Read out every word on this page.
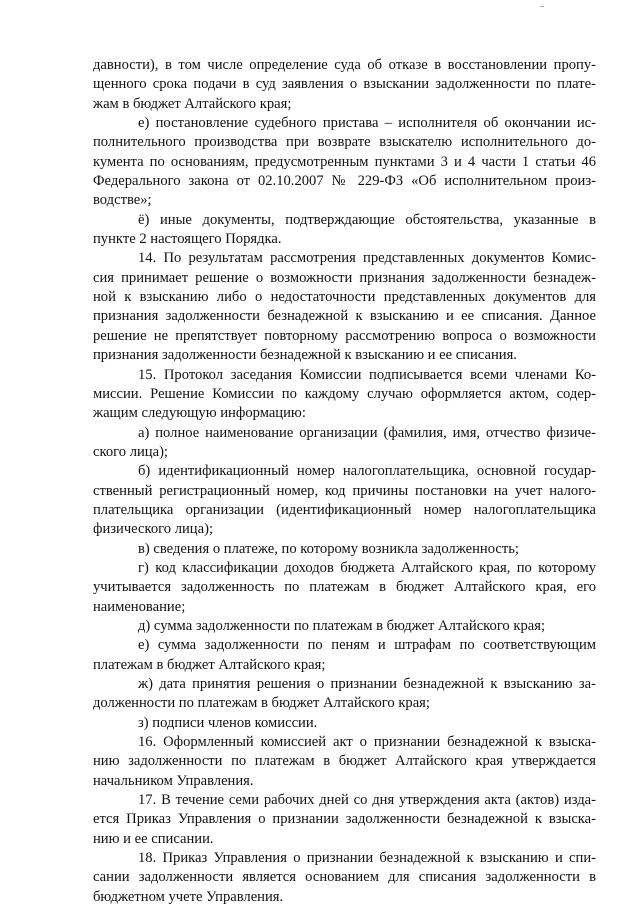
давности), в том числе определение суда об отказе в восстановлении пропу-
щенного срока подачи в суд заявления о взыскании задолженности по плате-
жам в бюджет Алтайского края;
е) постановление судебного пристава – исполнителя об окончании ис-
полнительного производства при возврате взыскателю исполнительного до-
кумента по основаниям, предусмотренным пунктами 3 и 4 части 1 статьи 46
Федерального закона от 02.10.2007 № 229-ФЗ «Об исполнительном произ-
водстве»;
ё) иные документы, подтверждающие обстоятельства, указанные в
пункте 2 настоящего Порядка.
14. По результатам рассмотрения представленных документов Комис-
сия принимает решение о возможности признания задолженности безнадеж-
ной к взысканию либо о недостаточности представленных документов для
признания задолженности безнадежной к взысканию и ее списания. Данное
решение не препятствует повторному рассмотрению вопроса о возможности
признания задолженности безнадежной к взысканию и ее списания.
15. Протокол заседания Комиссии подписывается всеми членами Ко-
миссии. Решение Комиссии по каждому случаю оформляется актом, содер-
жащим следующую информацию:
а) полное наименование организации (фамилия, имя, отчество физиче-
ского лица);
б) идентификационный номер налогоплательщика, основной государ-
ственный регистрационный номер, код причины постановки на учет налого-
плательщика организации (идентификационный номер налогоплательщика
физического лица);
в) сведения о платеже, по которому возникла задолженность;
г) код классификации доходов бюджета Алтайского края, по которому
учитывается задолженность по платежам в бюджет Алтайского края, его
наименование;
д) сумма задолженности по платежам в бюджет Алтайского края;
е) сумма задолженности по пеням и штрафам по соответствующим
платежам в бюджет Алтайского края;
ж) дата принятия решения о признании безнадежной к взысканию за-
долженности по платежам в бюджет Алтайского края;
з) подписи членов комиссии.
16. Оформленный комиссией акт о признании безнадежной к взыска-
нию задолженности по платежам в бюджет Алтайского края утверждается
начальником Управления.
17. В течение семи рабочих дней со дня утверждения акта (актов) изда-
ется Приказ Управления о признании задолженности безнадежной к взыска-
нию и ее списании.
18. Приказ Управления о признании безнадежной к взысканию и спи-
сании задолженности является основанием для списания задолженности в
бюджетном учете Управления.
